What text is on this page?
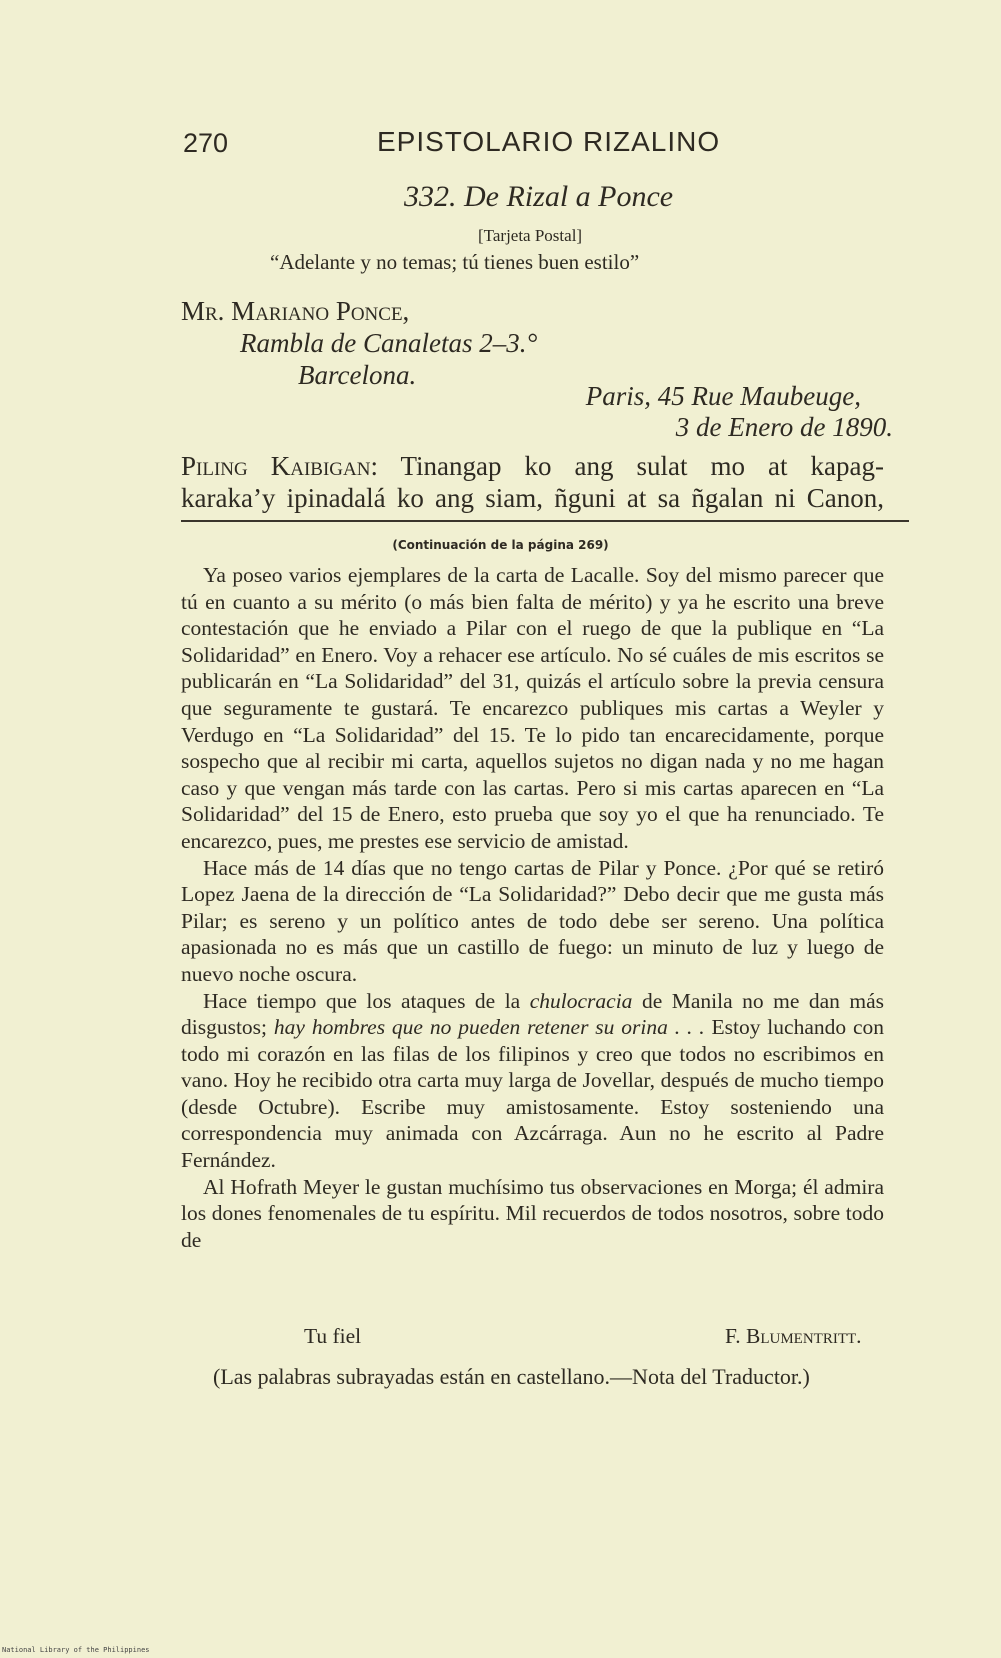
270	EPISTOLARIO RIZALINO
332. De Rizal a Ponce
[Tarjeta Postal]
“Adelante y no temas; tú tienes buen estilo”
Mr. Mariano Ponce,
Rambla de Canaletas 2–3.°
Barcelona.
Paris, 45 Rue Maubeuge,
3 de Enero de 1890.
Piling Kaibigan: Tinangap ko ang sulat mo at kapag-
karaka’y ipinadalá ko ang siam, ñguni at sa ñgalan ni Canon,
(Continuación de la página 269)

Ya poseo varios ejemplares de la carta de Lacalle. Soy del mismo parecer que tú en cuanto a su mérito (o más bien falta de mérito) y ya he escrito una breve contestación que he enviado a Pilar con el ruego de que la publique en “La Solidaridad” en Enero. Voy a rehacer ese artículo. No sé cuáles de mis escritos se publicarán en “La Solidaridad” del 31, quizás el artículo sobre la previa censura que seguramente te gustará. Te encarezco publiques mis cartas a Weyler y Verdugo en “La Solidaridad” del 15. Te lo pido tan encarecidamente, porque sospecho que al recibir mi carta, aquellos sujetos no digan nada y no me hagan caso y que vengan más tarde con las cartas. Pero si mis cartas aparecen en “La Solidaridad” del 15 de Enero, esto prueba que soy yo el que ha renunciado. Te encarezco, pues, me prestes ese servicio de amistad.

Hace más de 14 días que no tengo cartas de Pilar y Ponce. ¿Por qué se retiró Lopez Jaena de la dirección de “La Solidaridad?” Debo decir que me gusta más Pilar; es sereno y un político antes de todo debe ser sereno. Una política apasionada no es más que un castillo de fuego: un minuto de luz y luego de nuevo noche oscura.

Hace tiempo que los ataques de la chulocracia de Manila no me dan más disgustos; hay hombres que no pueden retener su orina . . . Estoy luchando con todo mi corazón en las filas de los filipinos y creo que todos no escribimos en vano. Hoy he recibido otra carta muy larga de Jovellar, después de mucho tiempo (desde Octubre). Escribe muy amistosamente. Estoy sosteniendo una correspondencia muy animada con Azcárraga. Aun no he escrito al Padre Fernández.

Al Hofrath Meyer le gustan muchísimo tus observaciones en Morga; él admira los dones fenomenales de tu espíritu. Mil recuerdos de todos nosotros, sobre todo de

Tu fiel	F. Blumentritt.
(Las palabras subrayadas están en castellano.—Nota del Traductor.)
National Library of the Philippines
